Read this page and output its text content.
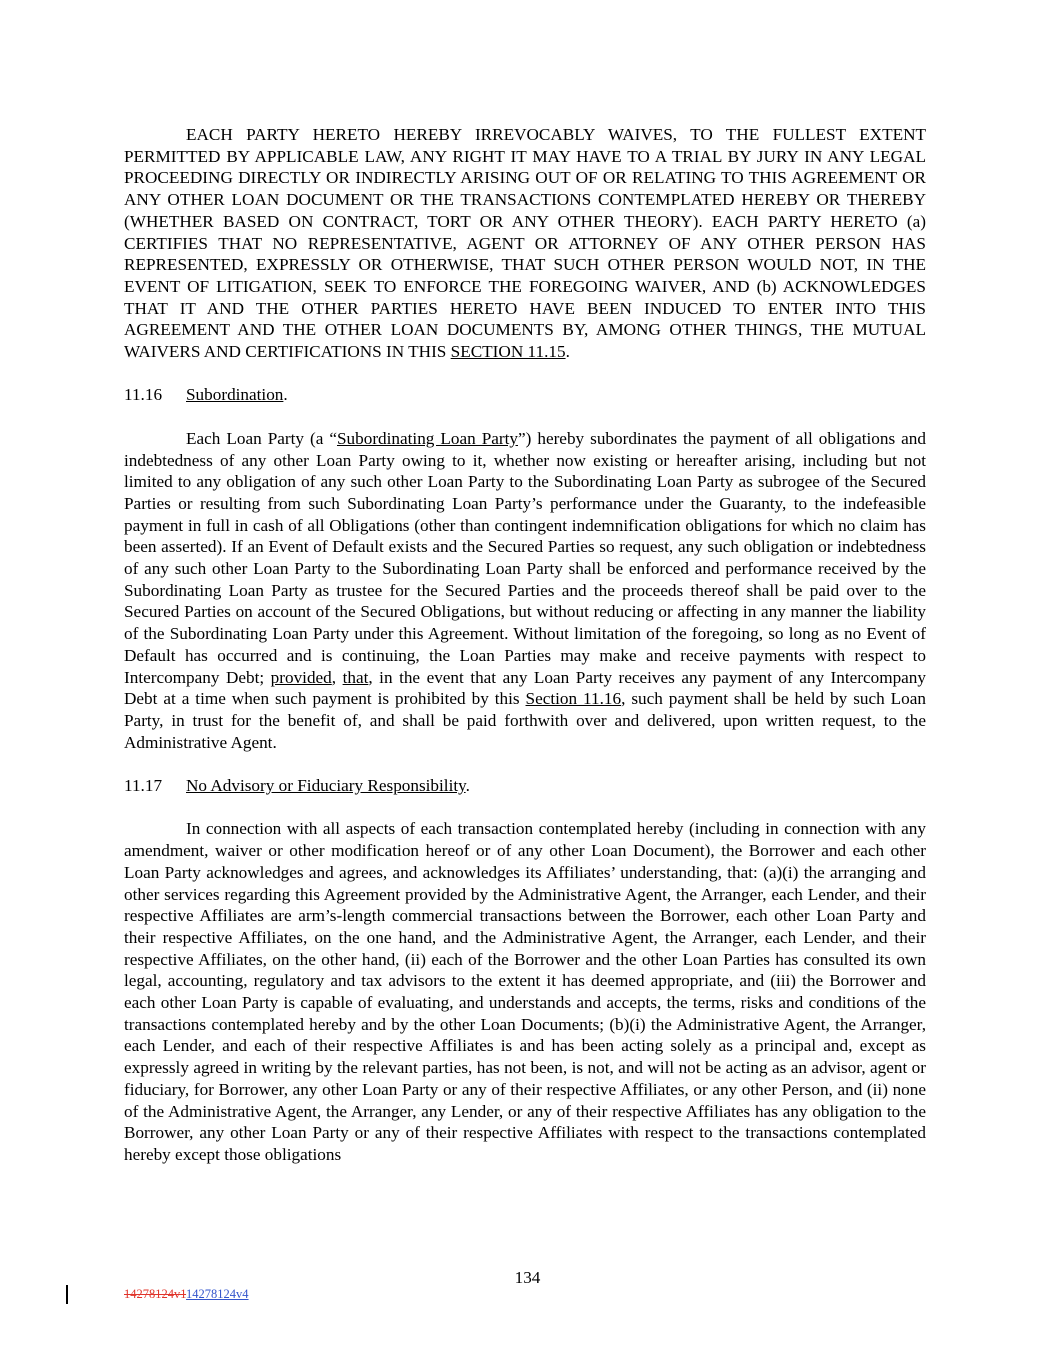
EACH PARTY HERETO HEREBY IRREVOCABLY WAIVES, TO THE FULLEST EXTENT PERMITTED BY APPLICABLE LAW, ANY RIGHT IT MAY HAVE TO A TRIAL BY JURY IN ANY LEGAL PROCEEDING DIRECTLY OR INDIRECTLY ARISING OUT OF OR RELATING TO THIS AGREEMENT OR ANY OTHER LOAN DOCUMENT OR THE TRANSACTIONS CONTEMPLATED HEREBY OR THEREBY (WHETHER BASED ON CONTRACT, TORT OR ANY OTHER THEORY). EACH PARTY HERETO (a) CERTIFIES THAT NO REPRESENTATIVE, AGENT OR ATTORNEY OF ANY OTHER PERSON HAS REPRESENTED, EXPRESSLY OR OTHERWISE, THAT SUCH OTHER PERSON WOULD NOT, IN THE EVENT OF LITIGATION, SEEK TO ENFORCE THE FOREGOING WAIVER, AND (b) ACKNOWLEDGES THAT IT AND THE OTHER PARTIES HERETO HAVE BEEN INDUCED TO ENTER INTO THIS AGREEMENT AND THE OTHER LOAN DOCUMENTS BY, AMONG OTHER THINGS, THE MUTUAL WAIVERS AND CERTIFICATIONS IN THIS SECTION 11.15.

11.16	Subordination.

Each Loan Party (a “Subordinating Loan Party”) hereby subordinates the payment of all obligations and indebtedness of any other Loan Party owing to it, whether now existing or hereafter arising, including but not limited to any obligation of any such other Loan Party to the Subordinating Loan Party as subrogee of the Secured Parties or resulting from such Subordinating Loan Party’s performance under the Guaranty, to the indefeasible payment in full in cash of all Obligations (other than contingent indemnification obligations for which no claim has been asserted). If an Event of Default exists and the Secured Parties so request, any such obligation or indebtedness of any such other Loan Party to the Subordinating Loan Party shall be enforced and performance received by the Subordinating Loan Party as trustee for the Secured Parties and the proceeds thereof shall be paid over to the Secured Parties on account of the Secured Obligations, but without reducing or affecting in any manner the liability of the Subordinating Loan Party under this Agreement. Without limitation of the foregoing, so long as no Event of Default has occurred and is continuing, the Loan Parties may make and receive payments with respect to Intercompany Debt; provided, that, in the event that any Loan Party receives any payment of any Intercompany Debt at a time when such payment is prohibited by this Section 11.16, such payment shall be held by such Loan Party, in trust for the benefit of, and shall be paid forthwith over and delivered, upon written request, to the Administrative Agent.

11.17	No Advisory or Fiduciary Responsibility.

In connection with all aspects of each transaction contemplated hereby (including in connection with any amendment, waiver or other modification hereof or of any other Loan Document), the Borrower and each other Loan Party acknowledges and agrees, and acknowledges its Affiliates’ understanding, that: (a)(i) the arranging and other services regarding this Agreement provided by the Administrative Agent, the Arranger, each Lender, and their respective Affiliates are arm’s-length commercial transactions between the Borrower, each other Loan Party and their respective Affiliates, on the one hand, and the Administrative Agent, the Arranger, each Lender, and their respective Affiliates, on the other hand, (ii) each of the Borrower and the other Loan Parties has consulted its own legal, accounting, regulatory and tax advisors to the extent it has deemed appropriate, and (iii) the Borrower and each other Loan Party is capable of evaluating, and understands and accepts, the terms, risks and conditions of the transactions contemplated hereby and by the other Loan Documents; (b)(i) the Administrative Agent, the Arranger, each Lender, and each of their respective Affiliates is and has been acting solely as a principal and, except as expressly agreed in writing by the relevant parties, has not been, is not, and will not be acting as an advisor, agent or fiduciary, for Borrower, any other Loan Party or any of their respective Affiliates, or any other Person, and (ii) none of the Administrative Agent, the Arranger, any Lender, or any of their respective Affiliates has any obligation to the Borrower, any other Loan Party or any of their respective Affiliates with respect to the transactions contemplated hereby except those obligations

134
14278124v114278124v4
